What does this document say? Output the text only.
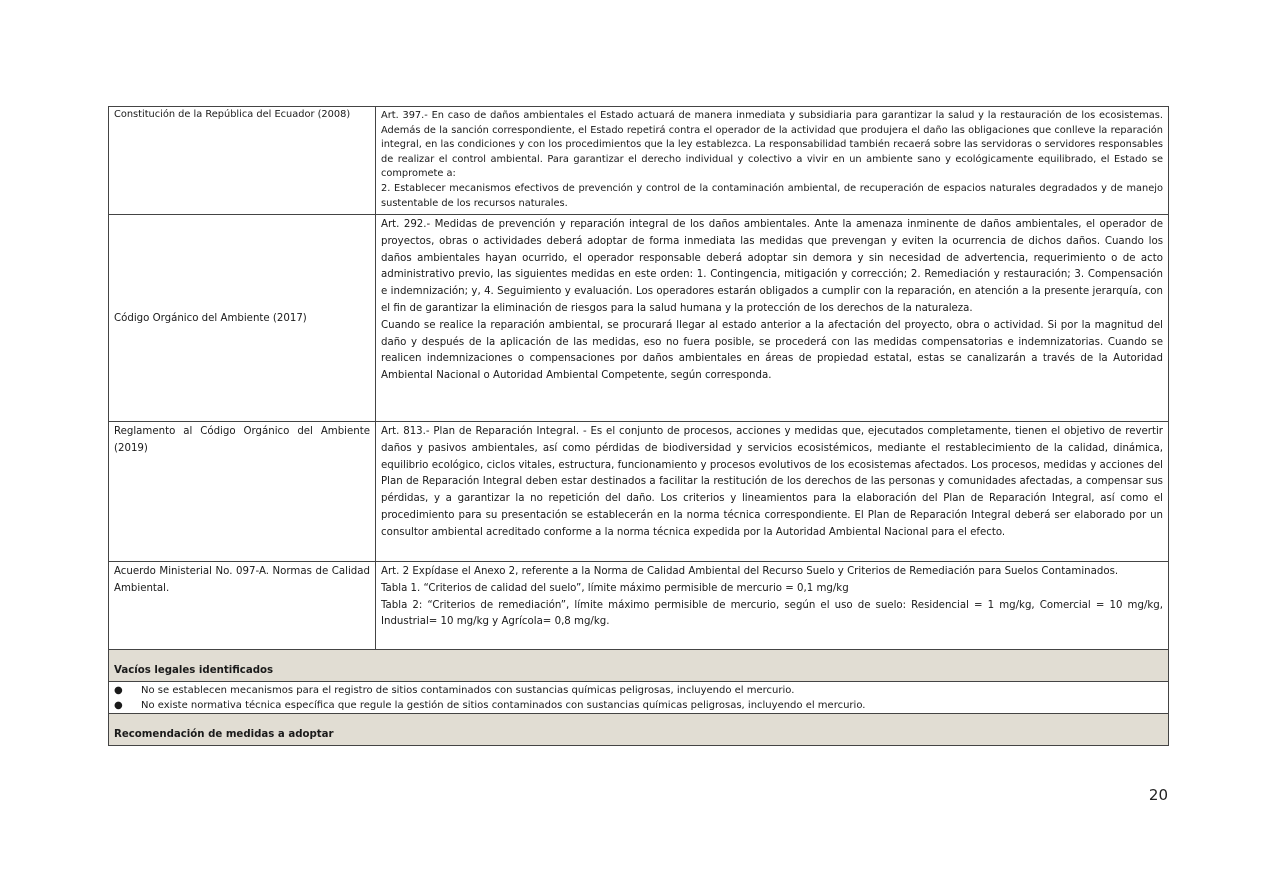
Constitución de la República del Ecuador (2008)	Art. 397.- En caso de daños ambientales el Estado actuará de manera inmediata y subsidiaria para garantizar la salud y la restauración de los ecosistemas. Además de la sanción correspondiente, el Estado repetirá contra el operador de la actividad que produjera el daño las obligaciones que conlleve la reparación integral, en las condiciones y con los procedimientos que la ley establezca. La responsabilidad también recaerá sobre las servidoras o servidores responsables de realizar el control ambiental. Para garantizar el derecho individual y colectivo a vivir en un ambiente sano y ecológicamente equilibrado, el Estado se compromete a:

2. Establecer mecanismos efectivos de prevención y control de la contaminación ambiental, de recuperación de espacios naturales degradados y de manejo sustentable de los recursos naturales.

Código Orgánico del Ambiente (2017)	Art. 292.- Medidas de prevención y reparación integral de los daños ambientales. Ante la amenaza inminente de daños ambientales, el operador de proyectos, obras o actividades deberá adoptar de forma inmediata las medidas que prevengan y eviten la ocurrencia de dichos daños. Cuando los daños ambientales hayan ocurrido, el operador responsable deberá adoptar sin demora y sin necesidad de advertencia, requerimiento o de acto administrativo previo, las siguientes medidas en este orden: 1. Contingencia, mitigación y corrección; 2. Remediación y restauración; 3. Compensación e indemnización; y, 4. Seguimiento y evaluación. Los operadores estarán obligados a cumplir con la reparación, en atención a la presente jerarquía, con el fin de garantizar la eliminación de riesgos para la salud humana y la protección de los derechos de la naturaleza.

Cuando se realice la reparación ambiental, se procurará llegar al estado anterior a la afectación del proyecto, obra o actividad. Si por la magnitud del daño y después de la aplicación de las medidas, eso no fuera posible, se procederá con las medidas compensatorias e indemnizatorias. Cuando se realicen indemnizaciones o compensaciones por daños ambientales en áreas de propiedad estatal, estas se canalizarán a través de la Autoridad Ambiental Nacional o Autoridad Ambiental Competente, según corresponda.

Reglamento al Código Orgánico del Ambiente (2019)	Art. 813.- Plan de Reparación Integral. - Es el conjunto de procesos, acciones y medidas que, ejecutados completamente, tienen el objetivo de revertir daños y pasivos ambientales, así como pérdidas de biodiversidad y servicios ecosistémicos, mediante el restablecimiento de la calidad, dinámica, equilibrio ecológico, ciclos vitales, estructura, funcionamiento y procesos evolutivos de los ecosistemas afectados. Los procesos, medidas y acciones del Plan de Reparación Integral deben estar destinados a facilitar la restitución de los derechos de las personas y comunidades afectadas, a compensar sus pérdidas, y a garantizar la no repetición del daño. Los criterios y lineamientos para la elaboración del Plan de Reparación Integral, así como el procedimiento para su presentación se establecerán en la norma técnica correspondiente. El Plan de Reparación Integral deberá ser elaborado por un consultor ambiental acreditado conforme a la norma técnica expedida por la Autoridad Ambiental Nacional para el efecto.

Acuerdo Ministerial No. 097-A. Normas de Calidad Ambiental.	Art. 2 Expídase el Anexo 2, referente a la Norma de Calidad Ambiental del Recurso Suelo y Criterios de Remediación para Suelos Contaminados.

Tabla 1. “Criterios de calidad del suelo”, límite máximo permisible de mercurio = 0,1 mg/kg

Tabla 2: “Criterios de remediación”, límite máximo permisible de mercurio, según el uso de suelo: Residencial = 1 mg/kg, Comercial = 10 mg/kg, Industrial= 10 mg/kg y Agrícola= 0,8 mg/kg.

Vacíos legales identificados	

● No se establecen mecanismos para el registro de sitios contaminados con sustancias químicas peligrosas, incluyendo el mercurio.
● No existe normativa técnica específica que regule la gestión de sitios contaminados con sustancias químicas peligrosas, incluyendo el mercurio.	

Recomendación de medidas a adoptar	
20
